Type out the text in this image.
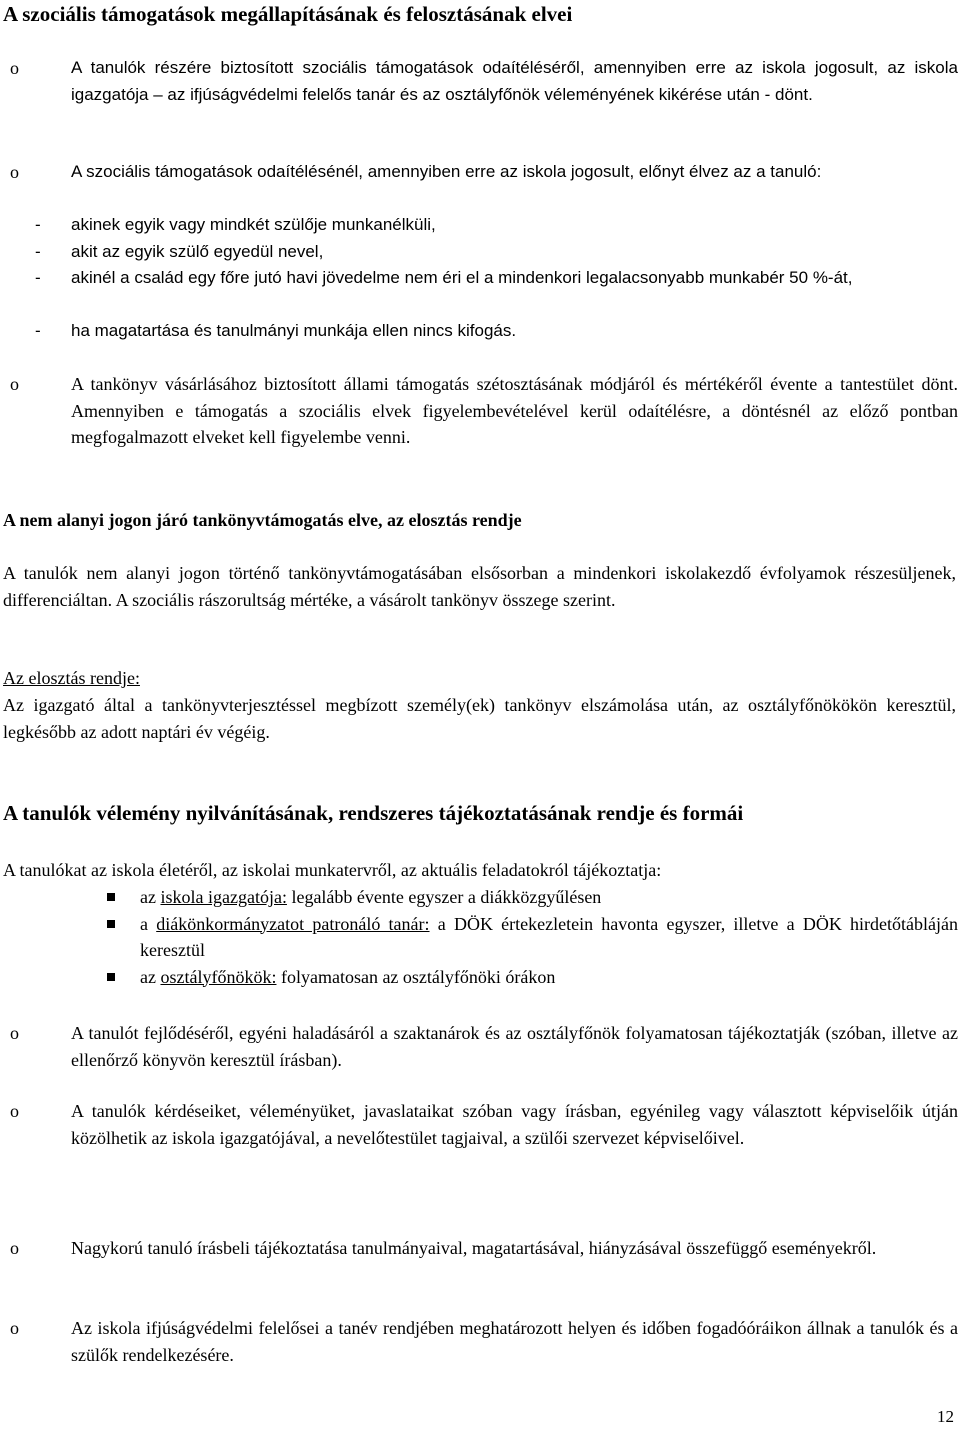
A szociális támogatások megállapításának és felosztásának elvei
o	A tanulók részére biztosított szociális támogatások odaítéléséről, amennyiben erre az iskola jogosult, az iskola igazgatója – az ifjúságvédelmi felelős tanár és az osztályfőnök véleményének kikérése után - dönt.
o	A szociális támogatások odaítélésénél, amennyiben erre az iskola jogosult, előnyt élvez az a tanuló:
- akinek egyik vagy mindkét szülője munkanélküli,
- akit az egyik szülő egyedül nevel,
- akinél a család egy főre jutó havi jövedelme nem éri el a mindenkori legalacsonyabb munkabér 50 %-át,
- ha magatartása és tanulmányi munkája ellen nincs kifogás.
o	A tankönyv vásárlásához biztosított állami támogatás szétosztásának módjáról és mértékéről évente a tantestület dönt. Amennyiben e támogatás a szociális elvek figyelembevételével kerül odaítélésre, a döntésnél az előző pontban megfogalmazott elveket kell figyelembe venni.
A nem alanyi jogon járó tankönyvtámogatás elve, az elosztás rendje
A tanulók nem alanyi jogon történő tankönyvtámogatásában elsősorban a mindenkori iskolakezdő évfolyamok részesüljenek, differenciáltan. A szociális rászorultság mértéke, a vásárolt tankönyv összege szerint.
Az elosztás rendje:
Az igazgató által a tankönyvterjesztéssel megbízott személy(ek) tankönyv elszámolása után, az osztályfőnökökön keresztül, legkésőbb az adott naptári év végéig.
A tanulók vélemény nyilvánításának, rendszeres tájékoztatásának rendje és formái
A tanulókat az iskola életéről, az iskolai munkatervről, az aktuális feladatokról tájékoztatja:
az iskola igazgatója: legalább évente egyszer a diákközgyűlésen
a diákönkormányzatot patronáló tanár: a DÖK értekezletein havonta egyszer, illetve a DÖK hirdetőtábláján keresztül
az osztályfőnökök: folyamatosan az osztályfőnöki órákon
o	A tanulót fejlődéséről, egyéni haladásáról a szaktanárok és az osztályfőnök folyamatosan tájékoztatják (szóban, illetve az ellenőrző könyvön keresztül írásban).
o	A tanulók kérdéseiket, véleményüket, javaslataikat szóban vagy írásban, egyénileg vagy választott képviselőik útján közölhetik az iskola igazgatójával, a nevelőtestület tagjaival, a szülői szervezet képviselőivel.
o	Nagykorú tanuló írásbeli tájékoztatása tanulmányaival, magatartásával, hiányzásával összefüggő eseményekről.
o	Az iskola ifjúságvédelmi felelősei a tanév rendjében meghatározott helyen és időben fogadóóráikon állnak a tanulók és a szülők rendelkezésére.
12
